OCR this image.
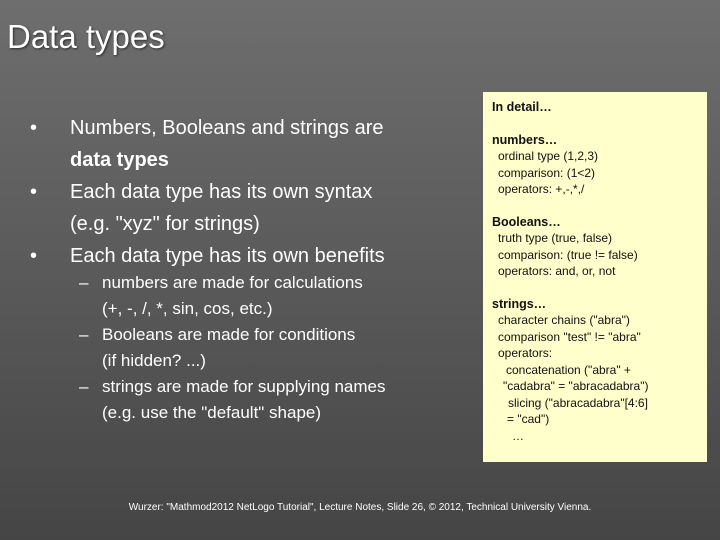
Data types
•	Numbers, Booleans and strings are
data types
•	Each data type has its own syntax
(e.g. "xyz" for strings)
•	Each data type has its own benefits
– numbers are made for calculations
(+, -, /, *, sin, cos, etc.)
– Booleans are made for conditions
(if hidden? ...)
– strings are made for supplying names
(e.g. use the "default" shape)
In detail…
numbers…
ordinal type (1,2,3)
comparison: (1<2)
operators: +,-,*,/
Booleans…
truth type (true, false)
comparison: (true != false)
operators: and, or, not
strings…
character chains ("abra")
comparison "test" != "abra"
operators:
concatenation ("abra" +
"cadabra" = "abracadabra")
slicing ("abracadabra"[4:6]
= "cad")
…
Wurzer: "Mathmod2012 NetLogo Tutorial", Lecture Notes, Slide 26, © 2012, Technical University Vienna.
